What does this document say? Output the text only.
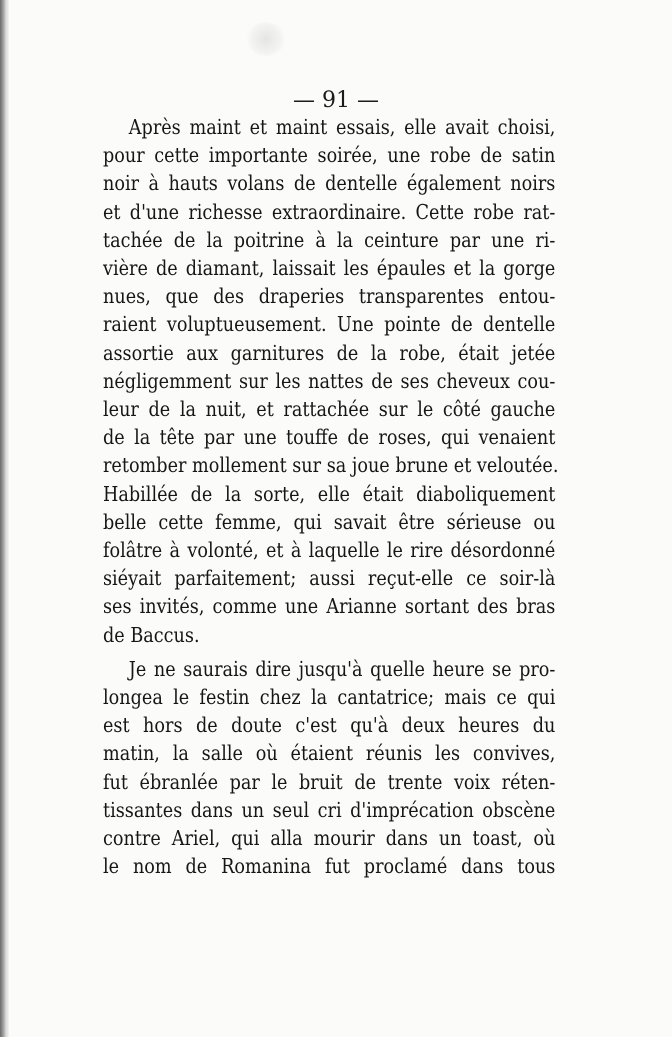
— 91 —

Après maint et maint essais, elle avait choisi,
pour cette importante soirée, une robe de satin
noir à hauts volans de dentelle également noirs
et d'une richesse extraordinaire. Cette robe rat-
tachée de la poitrine à la ceinture par une ri-
vière de diamant, laissait les épaules et la gorge
nues, que des draperies transparentes entou-
raient voluptueusement. Une pointe de dentelle
assortie aux garnitures de la robe, était jetée
négligemment sur les nattes de ses cheveux cou-
leur de la nuit, et rattachée sur le côté gauche
de la tête par une touffe de roses, qui venaient
retomber mollement sur sa joue brune et veloutée.
Habillée de la sorte, elle était diaboliquement
belle cette femme, qui savait être sérieuse ou
folâtre à volonté, et à laquelle le rire désordonné
siéyait parfaitement; aussi reçut-elle ce soir-là
ses invités, comme une Arianne sortant des bras
de Baccus.
Je ne saurais dire jusqu'à quelle heure se pro-
longea le festin chez la cantatrice; mais ce qui
est hors de doute c'est qu'à deux heures du
matin, la salle où étaient réunis les convives,
fut ébranlée par le bruit de trente voix réten-
tissantes dans un seul cri d'imprécation obscène
contre Ariel, qui alla mourir dans un toast, où
le nom de Romanina fut proclamé dans tous
